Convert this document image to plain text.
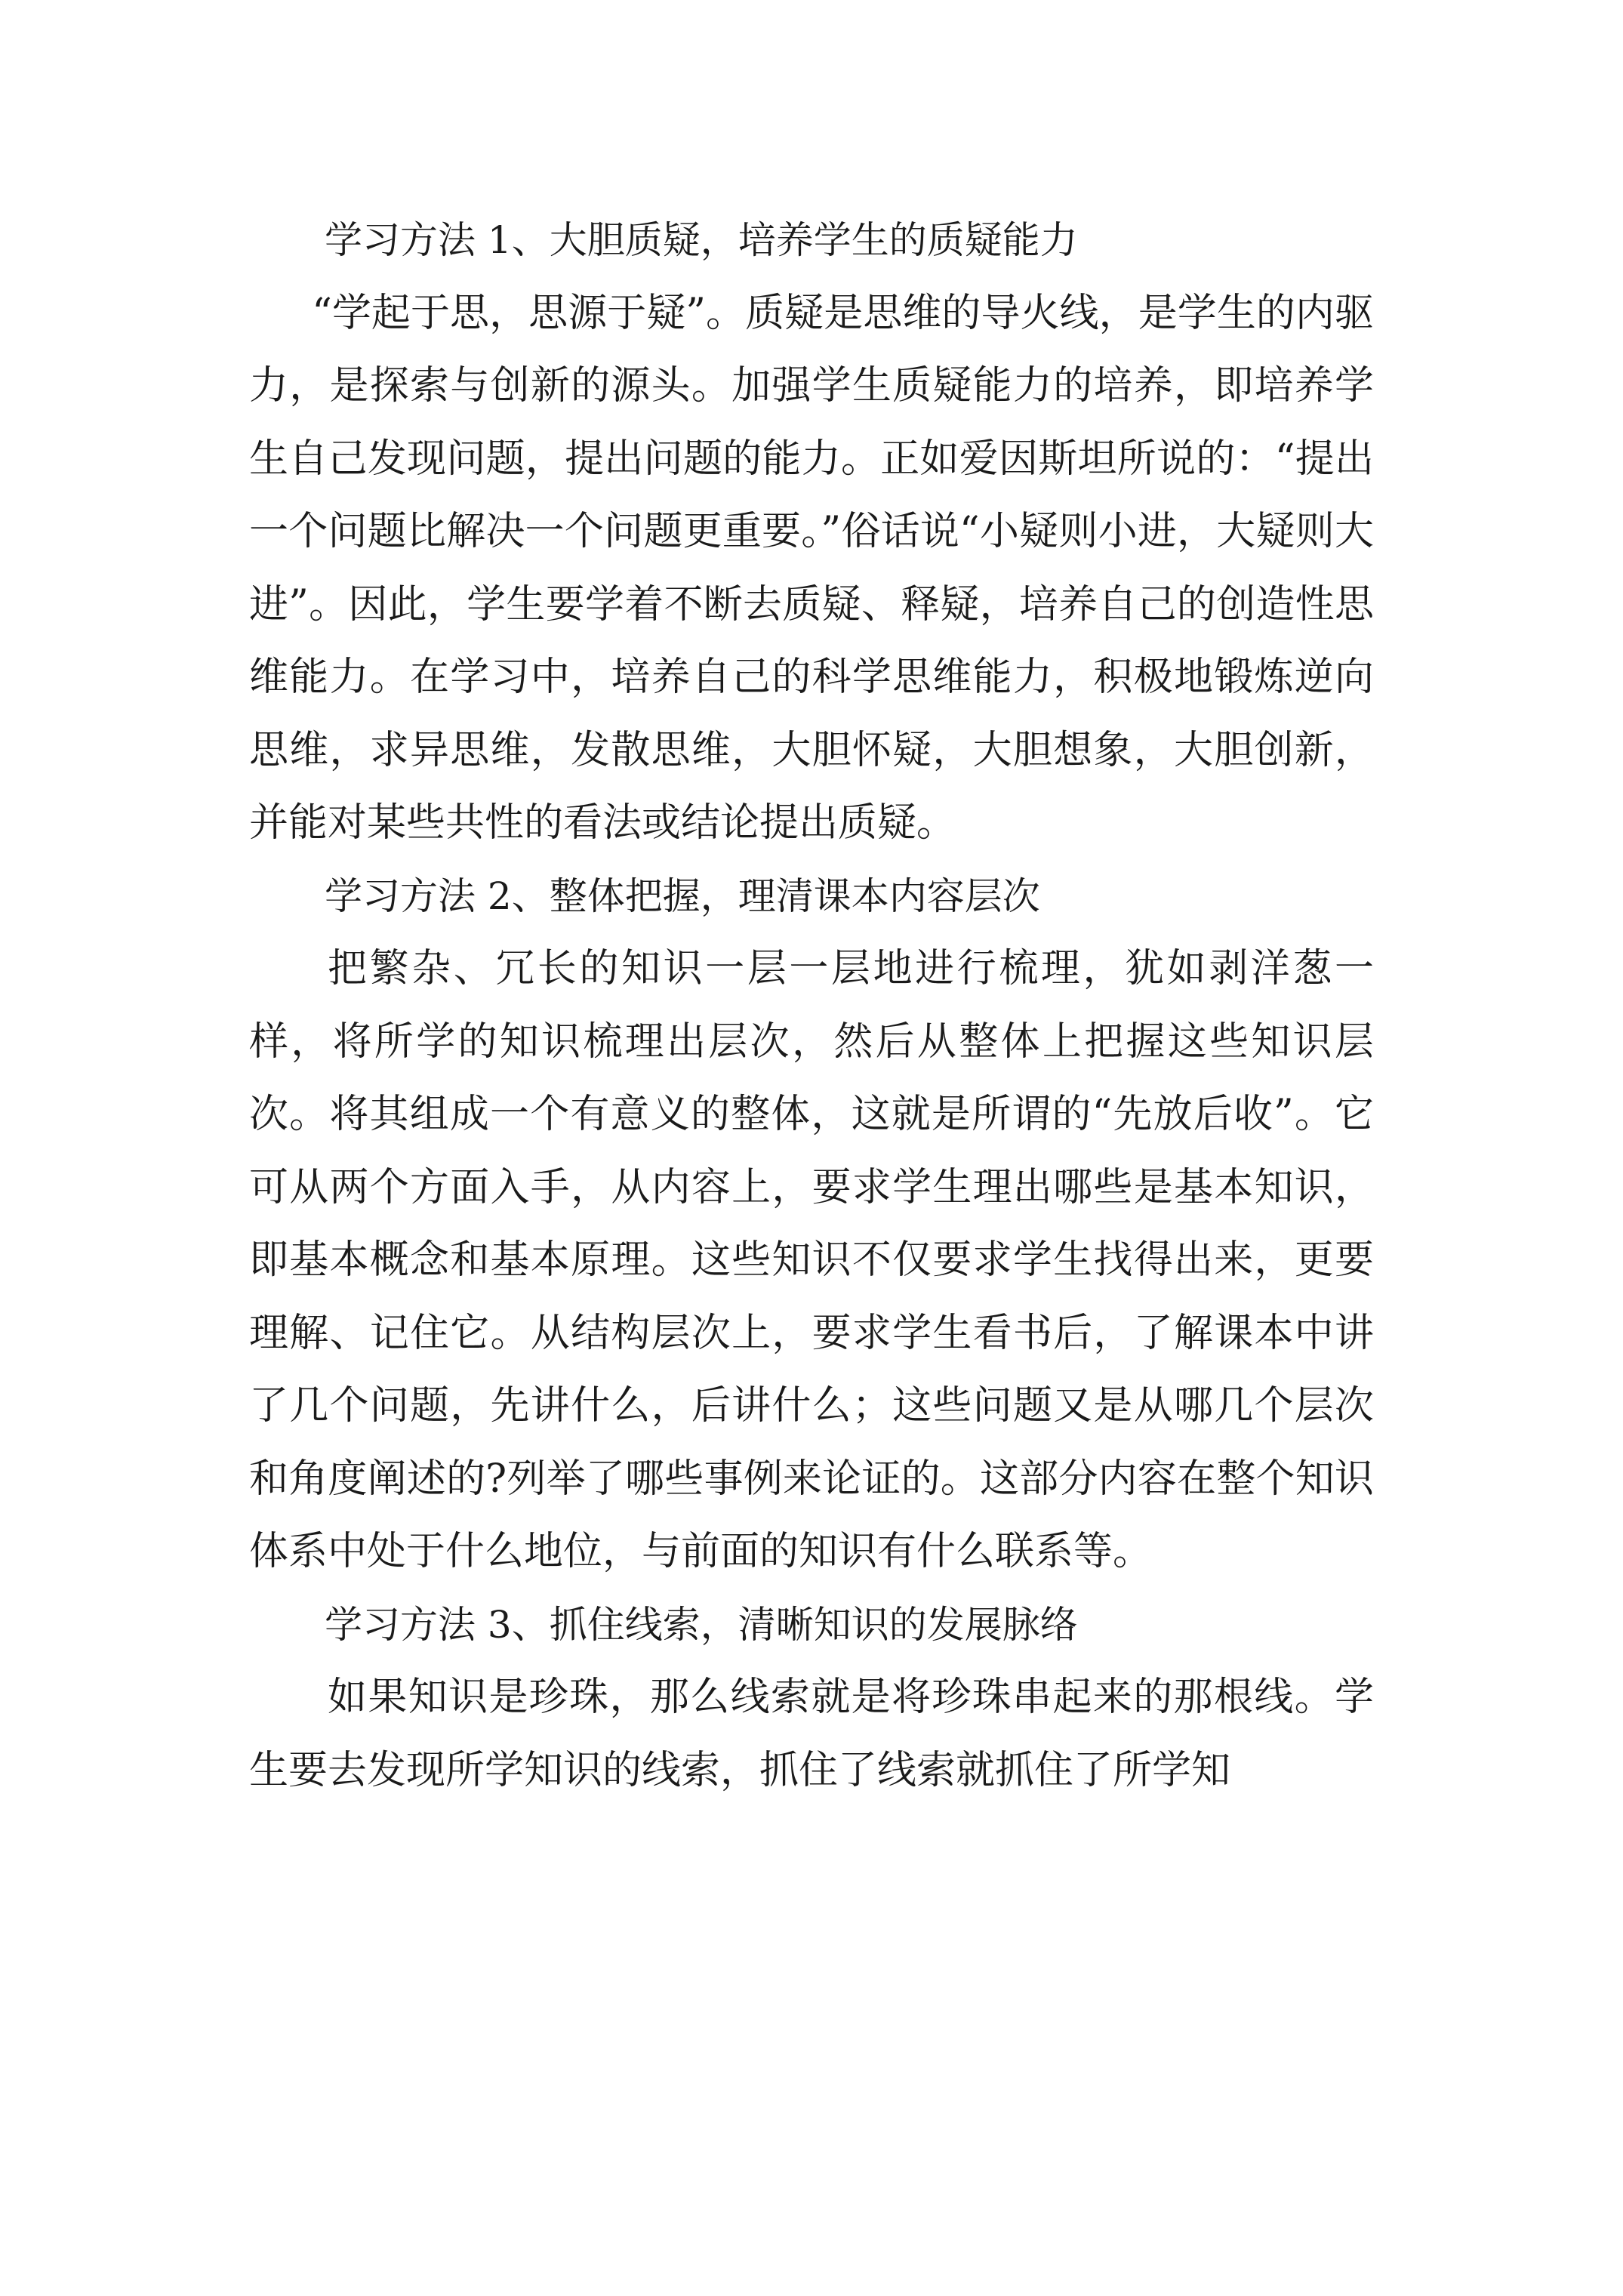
学习方法 1、大胆质疑，培养学生的质疑能力

“学起于思，思源于疑”。质疑是思维的导火线，是学生的内驱力，是探索与创新的源头。加强学生质疑能力的培养，即培养学生自己发现问题，提出问题的能力。正如爱因斯坦所说的：“提出一个问题比解决一个问题更重要。”俗话说“小疑则小进，大疑则大进”。因此，学生要学着不断去质疑、释疑，培养自己的创造性思维能力。在学习中，培养自己的科学思维能力，积极地锻炼逆向思维，求异思维，发散思维，大胆怀疑，大胆想象，大胆创新，并能对某些共性的看法或结论提出质疑。

学习方法 2、整体把握，理清课本内容层次

把繁杂、冗长的知识一层一层地进行梳理，犹如剥洋葱一样，将所学的知识梳理出层次，然后从整体上把握这些知识层次。将其组成一个有意义的整体，这就是所谓的“先放后收”。它可从两个方面入手，从内容上，要求学生理出哪些是基本知识，即基本概念和基本原理。这些知识不仅要求学生找得出来，更要理解、记住它。从结构层次上，要求学生看书后，了解课本中讲了几个问题，先讲什么，后讲什么；这些问题又是从哪几个层次和角度阐述的?列举了哪些事例来论证的。这部分内容在整个知识体系中处于什么地位，与前面的知识有什么联系等。

学习方法 3、抓住线索，清晰知识的发展脉络

如果知识是珍珠，那么线索就是将珍珠串起来的那根线。学生要去发现所学知识的线索，抓住了线索就抓住了所学知
